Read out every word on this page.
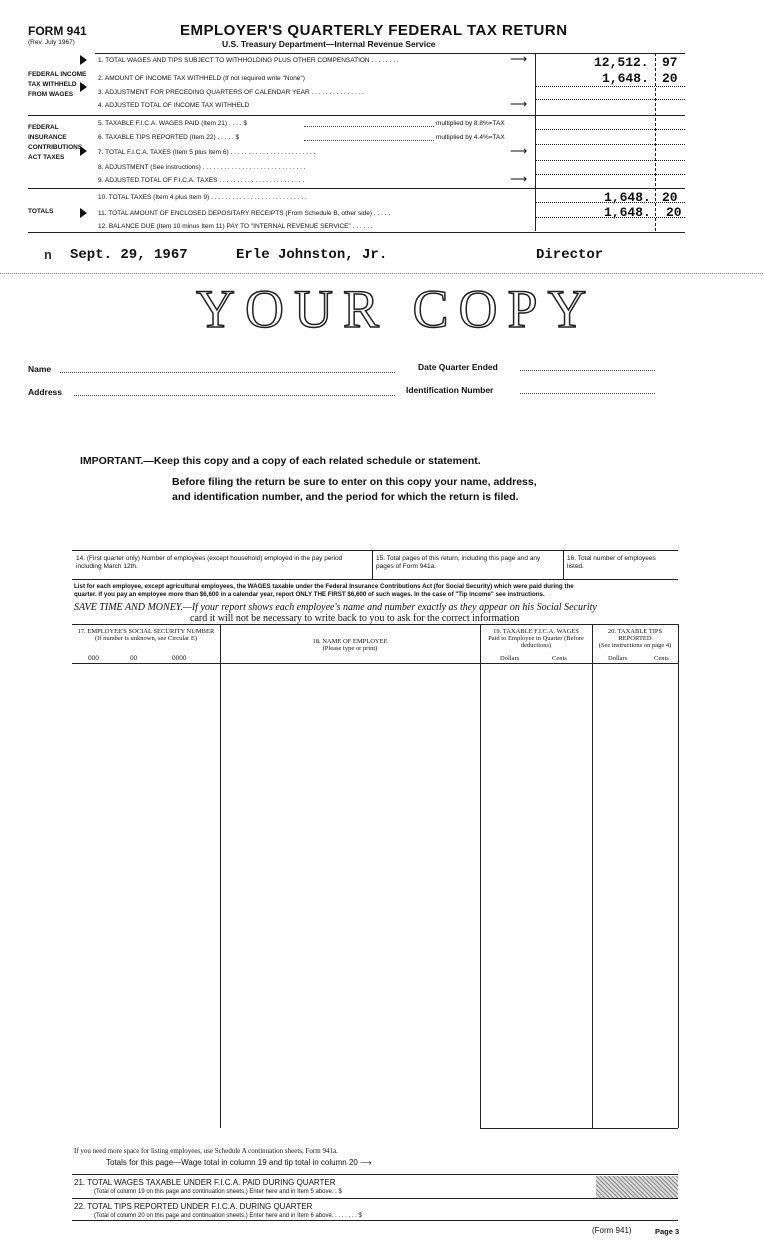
FORM 941
(Rev. July 1967)
EMPLOYER'S QUARTERLY FEDERAL TAX RETURN
U.S. Treasury Department—Internal Revenue Service
FEDERAL INCOME TAX WITHHELD FROM WAGES
FEDERAL INSURANCE CONTRIBUTIONS ACT TAXES
TOTALS
1. TOTAL WAGES AND TIPS SUBJECT TO WITHHOLDING PLUS OTHER COMPENSATION . . . . . . . .	⟶	12,512. 97
2. AMOUNT OF INCOME TAX WITHHELD (If not required write "None")	1,648. 20
3. ADJUSTMENT FOR PRECEDING QUARTERS OF CALENDAR YEAR . . . . . . . . . . . . . . .
4. ADJUSTED TOTAL OF INCOME TAX WITHHELD	⟶
5. TAXABLE F.I.C.A. WAGES PAID (Item 21) . . . . $	multiplied by 8.8%=TAX
6. TAXABLE TIPS REPORTED (Item 22) . . . . . $	multiplied by 4.4%=TAX
7. TOTAL F.I.C.A. TAXES (Item 5 plus Item 6) . . . . . . . . . . . . . . . . . . . . . . . .	⟶
8. ADJUSTMENT (See instructions) . . . . . . . . . . . . . . . . . . . . . . . . . . . . .
9. ADJUSTED TOTAL OF F.I.C.A. TAXES . . . . . . . . . . . . . . . . . . . . . . . .	⟶
10. TOTAL TAXES (Item 4 plus Item 9) . . . . . . . . . . . . . . . . . . . . . . . . . . .	1,648. 20
11. TOTAL AMOUNT OF ENCLOSED DEPOSITARY RECEIPTS (From Schedule B, other side) . . . . .	1,648. 20
12. BALANCE DUE (Item 10 minus Item 11) PAY TO "INTERNAL REVENUE SERVICE" . . . . . .
n Sept. 29, 1967	Erle Johnston, Jr.	Director
YOUR COPY
Name	Date Quarter Ended
Address	Identification Number
IMPORTANT.—Keep this copy and a copy of each related schedule or statement.
Before filing the return be sure to enter on this copy your name, address,
and identification number, and the period for which the return is filed.
14. (First quarter only) Number of employees (except household) employed in the pay period including March 12th.
15. Total pages of this return, including this page and any pages of Form 941a.
16. Total number of employees listed.
List for each employee, except agricultural employees, the WAGES taxable under the Federal Insurance Contributions Act (for Social Security) which were paid during the
quarter. If you pay an employee more than $6,600 in a calendar year, report ONLY THE FIRST $6,600 of such wages. In the case of "Tip Income" see instructions.
SAVE TIME AND MONEY.—If your report shows each employee's name and number exactly as they appear on his Social Security
card it will not be necessary to write back to you to ask for the correct information
17. EMPLOYEE'S SOCIAL SECURITY NUMBER
(If number is unknown, see Circular E)
000	00	0000
18. NAME OF EMPLOYEE
(Please type or print)
19. TAXABLE F.I.C.A. WAGES
Paid to Employee in Quarter (Before deductions)
Dollars	Cents
20. TAXABLE TIPS REPORTED
(See instructions on page 4)
Dollars	Cents
If you need more space for listing employees, use Schedule A continuation sheets, Form 941a.
Totals for this page—Wage total in column 19 and tip total in column 20 ⟶
21. TOTAL WAGES TAXABLE UNDER F.I.C.A. PAID DURING QUARTER
(Total of column 19 on this page and continuation sheets.) Enter here and in Item 5 above. . $
22. TOTAL TIPS REPORTED UNDER F.I.C.A. DURING QUARTER
(Total of column 20 on this page and continuation sheets.) Enter here and in Item 6 above. . . . . . . . $
(Form 941)	Page 3
